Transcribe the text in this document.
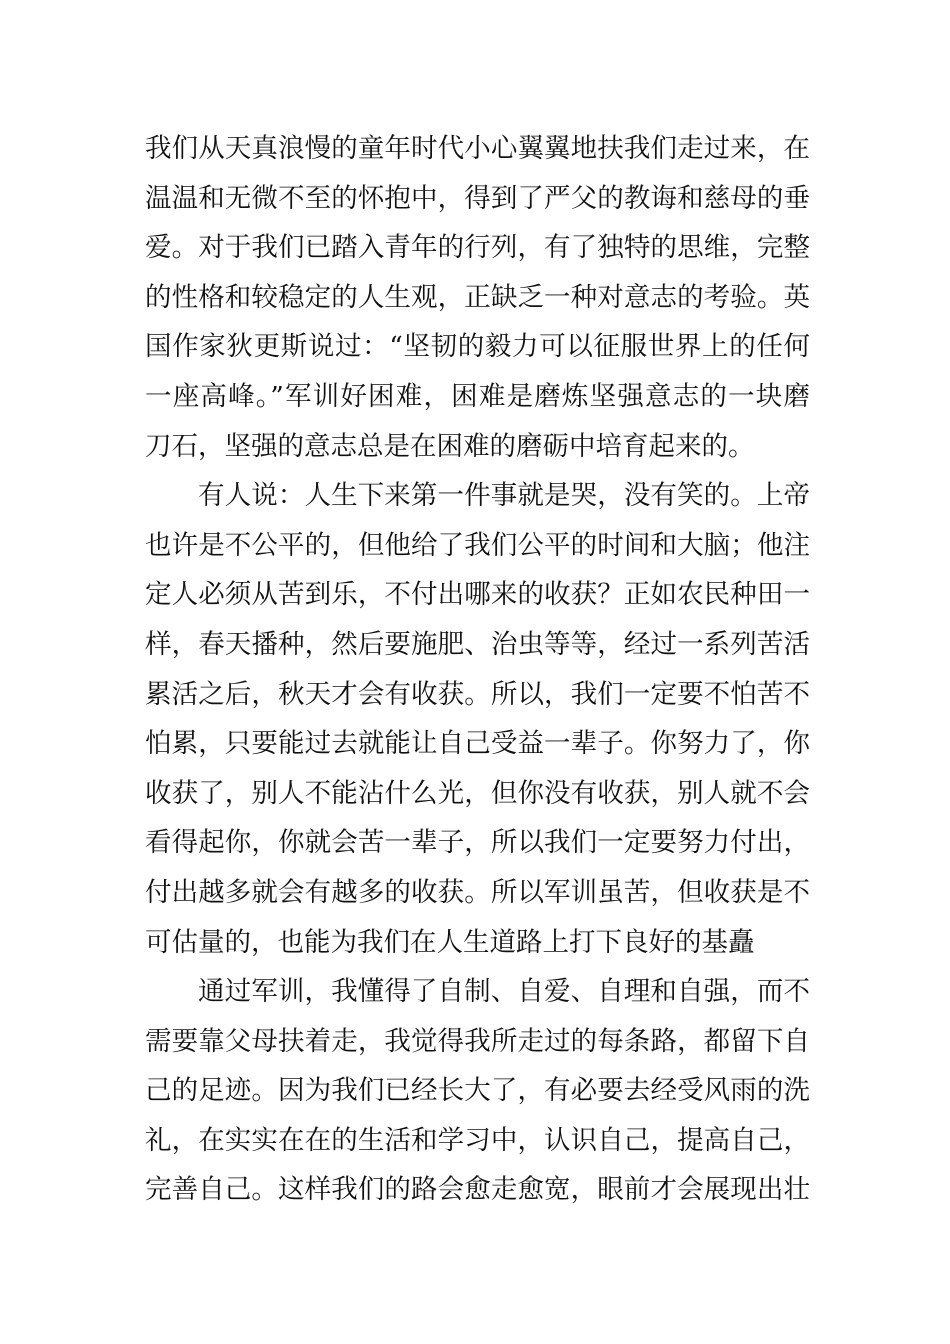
我们从天真浪慢的童年时代小心翼翼地扶我们走过来，在
温温和无微不至的怀抱中，得到了严父的教诲和慈母的垂
爱。对于我们已踏入青年的行列，有了独特的思维，完整
的性格和较稳定的人生观，正缺乏一种对意志的考验。英
国作家狄更斯说过：“坚韧的毅力可以征服世界上的任何
一座高峰。”军训好困难，困难是磨炼坚强意志的一块磨
刀石，坚强的意志总是在困难的磨砺中培育起来的。
有人说：人生下来第一件事就是哭，没有笑的。上帝
也许是不公平的，但他给了我们公平的时间和大脑；他注
定人必须从苦到乐，不付出哪来的收获？正如农民种田一
样，春天播种，然后要施肥、治虫等等，经过一系列苦活
累活之后，秋天才会有收获。所以，我们一定要不怕苦不
怕累，只要能过去就能让自己受益一辈子。你努力了，你
收获了，别人不能沾什么光，但你没有收获，别人就不会
看得起你，你就会苦一辈子，所以我们一定要努力付出，
付出越多就会有越多的收获。所以军训虽苦，但收获是不
可估量的，也能为我们在人生道路上打下良好的基矗
通过军训，我懂得了自制、自爱、自理和自强，而不
需要靠父母扶着走，我觉得我所走过的每条路，都留下自
己的足迹。因为我们已经长大了，有必要去经受风雨的洗
礼，在实实在在的生活和学习中，认识自己，提高自己，
完善自己。这样我们的路会愈走愈宽，眼前才会展现出壮
